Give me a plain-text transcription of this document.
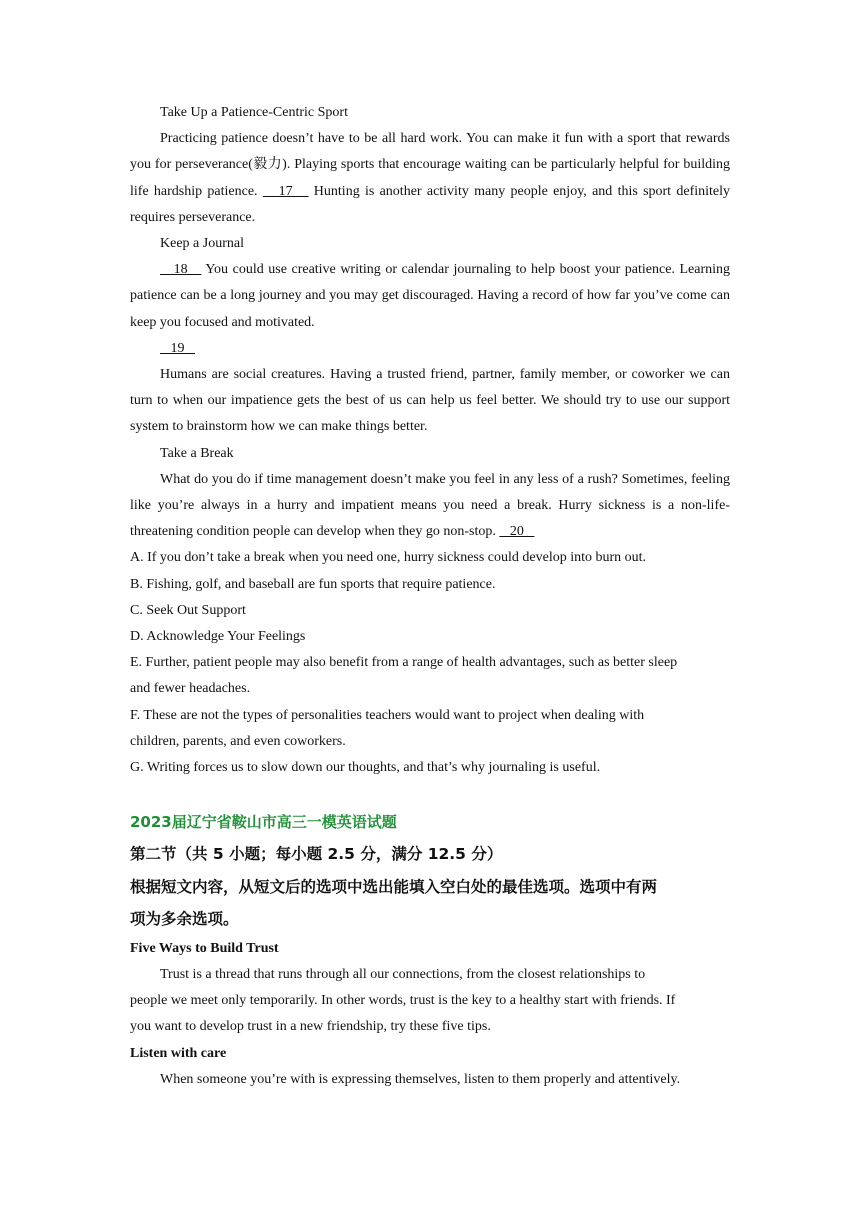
Take Up a Patience-Centric Sport

Practicing patience doesn’t have to be all hard work. You can make it fun with a sport that rewards you for perseverance(毅力). Playing sports that encourage waiting can be particularly helpful for building life hardship patience.    17    Hunting is another activity many people enjoy, and this sport definitely requires perseverance.

Keep a Journal

18    You could use creative writing or calendar journaling to help boost your patience. Learning patience can be a long journey and you may get discouraged. Having a record of how far you’ve come can keep you focused and motivated.

19

Humans are social creatures. Having a trusted friend, partner, family member, or coworker we can turn to when our impatience gets the best of us can help us feel better. We should try to use our support system to brainstorm how we can make things better.

Take a Break

What do you do if time management doesn’t make you feel in any less of a rush? Sometimes, feeling like you’re always in a hurry and impatient means you need a break. Hurry sickness is a non-life-threatening condition people can develop when they go non-stop.    20

A. If you don’t take a break when you need one, hurry sickness could develop into burn out.

B. Fishing, golf, and baseball are fun sports that require patience.

C. Seek Out Support

D. Acknowledge Your Feelings

E. Further, patient people may also benefit from a range of health advantages, such as better sleep

and fewer headaches.

F. These are not the types of personalities teachers would want to project when dealing with

children, parents, and even coworkers.

G. Writing forces us to slow down our thoughts, and that’s why journaling is useful.

2023届辽宁省鞍山市高三一模英语试题

第二节（共 5 小题；每小题 2.5 分，满分 12.5 分）

根据短文内容，从短文后的选项中选出能填入空白处的最佳选项。选项中有两

项为多余选项。

Five Ways to Build Trust

Trust is a thread that runs through all our connections, from the closest relationships to

people we meet only temporarily. In other words, trust is the key to a healthy start with friends. If

you want to develop trust in a new friendship, try these five tips.

Listen with care

When someone you’re with is expressing themselves, listen to them properly and attentively.
